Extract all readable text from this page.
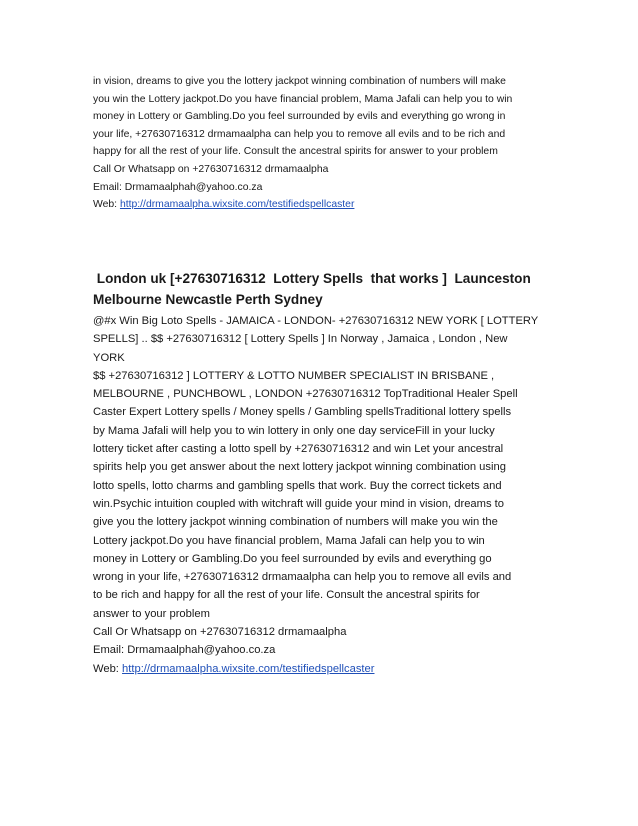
in vision, dreams to give you the lottery jackpot winning combination of numbers will make
you win the Lottery jackpot.Do you have financial problem, Mama Jafali can help you to win
money in Lottery or Gambling.Do you feel surrounded by evils and everything go wrong in
your life, +27630716312 drmamaalpha can help you to remove all evils and to be rich and
happy for all the rest of your life. Consult the ancestral spirits for answer to your problem
Call Or Whatsapp on +27630716312 drmamaalpha
Email: Drmamaalphah@yahoo.co.za
Web: http://drmamaalpha.wixsite.com/testifiedspellcaster
London uk [+27630716312  Lottery Spells  that works ]  Launceston
Melbourne Newcastle Perth Sydney
@#x Win Big Loto Spells - JAMAICA - LONDON- +27630716312 NEW YORK [ LOTTERY
SPELLS] .. $$ +27630716312 [ Lottery Spells ] In Norway , Jamaica , London , New
YORK
$$ +27630716312 ] LOTTERY & LOTTO NUMBER SPECIALIST IN BRISBANE ,
MELBOURNE , PUNCHBOWL , LONDON +27630716312 TopTraditional Healer Spell
Caster Expert Lottery spells / Money spells / Gambling spellsTraditional lottery spells
by Mama Jafali will help you to win lottery in only one day serviceFill in your lucky
lottery ticket after casting a lotto spell by +27630716312 and win Let your ancestral
spirits help you get answer about the next lottery jackpot winning combination using
lotto spells, lotto charms and gambling spells that work. Buy the correct tickets and
win.Psychic intuition coupled with witchraft will guide your mind in vision, dreams to
give you the lottery jackpot winning combination of numbers will make you win the
Lottery jackpot.Do you have financial problem, Mama Jafali can help you to win
money in Lottery or Gambling.Do you feel surrounded by evils and everything go
wrong in your life, +27630716312 drmamaalpha can help you to remove all evils and
to be rich and happy for all the rest of your life. Consult the ancestral spirits for
answer to your problem
Call Or Whatsapp on +27630716312 drmamaalpha
Email: Drmamaalphah@yahoo.co.za
Web: http://drmamaalpha.wixsite.com/testifiedspellcaster
